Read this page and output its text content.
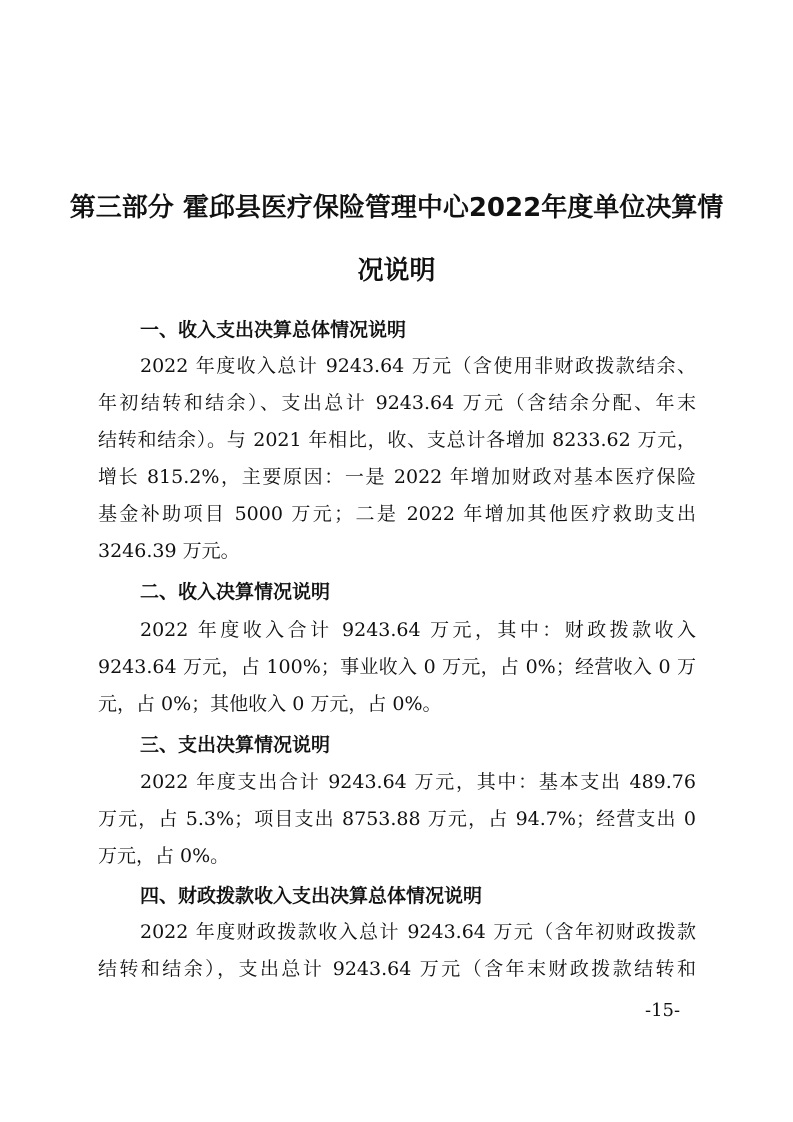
第三部分 霍邱县医疗保险管理中心2022年度单位决算情
况说明
一、收入支出决算总体情况说明
2022 年度收入总计 9243.64 万元（含使用非财政拨款结余、
年初结转和结余）、支出总计 9243.64 万元（含结余分配、年末
结转和结余）。与 2021 年相比，收、支总计各增加 8233.62 万元，
增长 815.2%，主要原因：一是 2022 年增加财政对基本医疗保险
基金补助项目 5000 万元；二是 2022 年增加其他医疗救助支出
3246.39 万元。
二、收入决算情况说明
2022 年度收入合计 9243.64 万元，其中：财政拨款收入
9243.64 万元，占 100%；事业收入 0 万元，占 0%；经营收入 0 万
元，占 0%；其他收入 0 万元，占 0%。
三、支出决算情况说明
2022 年度支出合计 9243.64 万元，其中：基本支出 489.76
万元，占 5.3%；项目支出 8753.88 万元，占 94.7%；经营支出 0
万元，占 0%。
四、财政拨款收入支出决算总体情况说明
2022 年度财政拨款收入总计 9243.64 万元（含年初财政拨款
结转和结余），支出总计 9243.64 万元（含年末财政拨款结转和
-15-
